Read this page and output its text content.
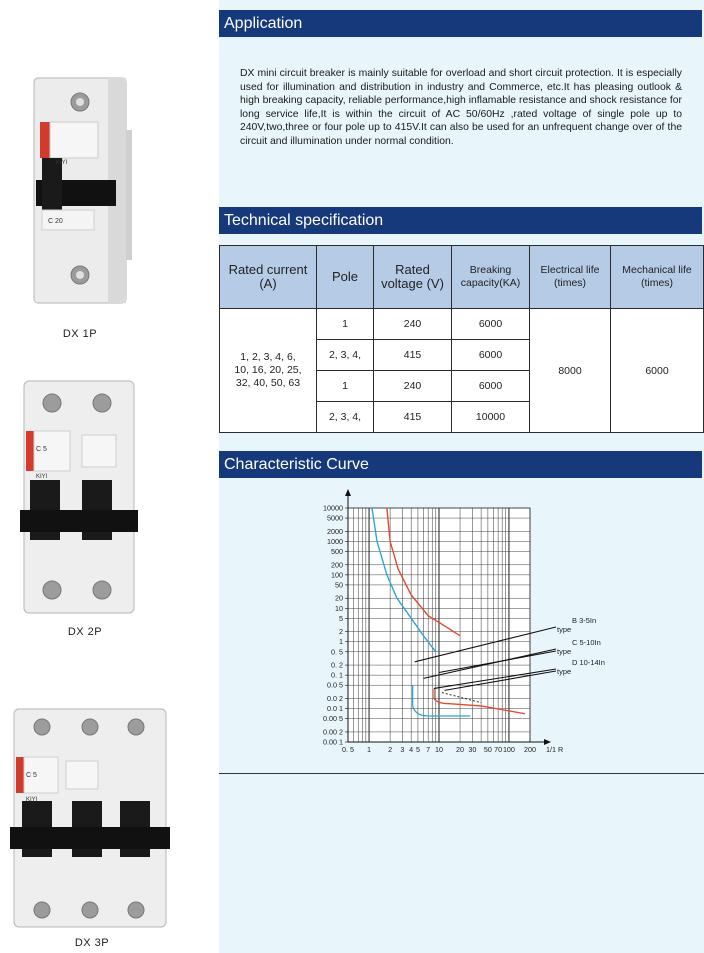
KIYI
C 20
DX 1P
KIYI
C 5
DX 2P
KIYI
C 5
DX 3P
Application
DX mini circuit breaker is mainly suitable for overload and short circuit protection. It is especially used for illumination and distribution in industry and Commerce, etc.It has pleasing outlook & high breaking capacity, reliable performance,high inflamable resistance and shock resistance for long service life,It is within the circuit of AC 50/60Hz ,rated voltage of single pole up to 240V,two,three or four pole up to 415V.It can also be used for an unfrequent change over of the circuit and illumination under normal condition.
Technical specification
Rated current (A)	Pole	Rated voltage (V)	Breaking capacity(KA)	Electrical life (times)	Mechanical life (times)
1, 2, 3, 4, 6, 10, 16, 20, 25, 32, 40, 50, 63	1	240	6000	8000	6000
	2, 3, 4,	415	6000		
	1	240	6000		
	2, 3, 4,	415	10000		
Characteristic Curve
10000
5000
2000
1000
500
200
100
50
20
10
5
2
1
0. 5
0. 2
0. 1
0.0 5
0.0 2
0.0 1
0.00 5
0.00 2
0.00 1
0. 5 1 2 3 4 5 7 10 20 30 50 70 100 200 1/1 R
B 3-5In
type
C 5-10In
type
D 10-14In
type
